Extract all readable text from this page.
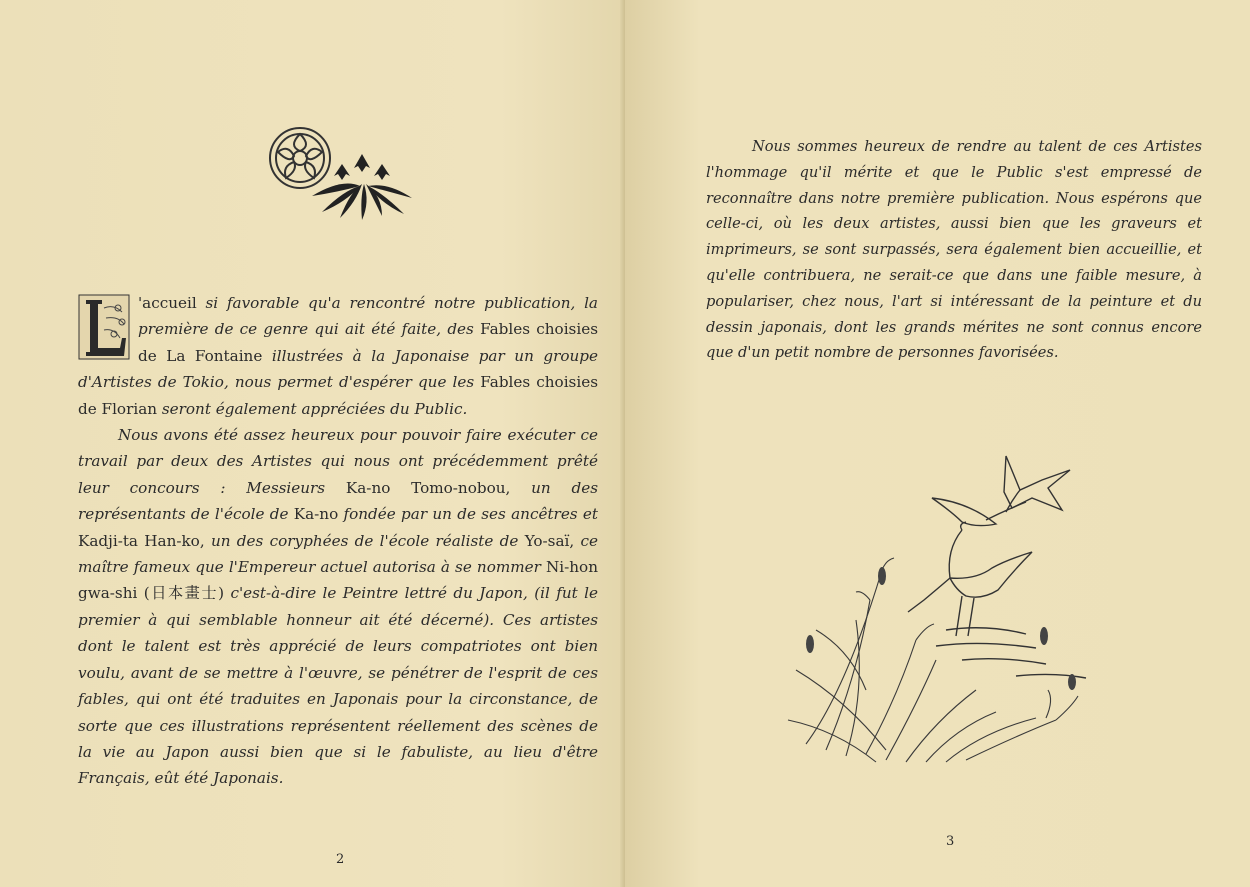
'accueil si favorable qu'a rencontré notre publication, la première de ce genre qui ait été faite, des Fables choisies de La Fontaine illustrées à la Japonaise par un groupe d'Artistes de Tokio, nous permet d'espérer que les Fables choisies de Florian seront également appréciées du Public.

Nous avons été assez heureux pour pouvoir faire exécuter ce travail par deux des Artistes qui nous ont précédemment prêté leur concours : Messieurs Ka-no Tomo-nobou, un des représentants de l'école de Ka-no fondée par un de ses ancêtres et Kadji-ta Han-ko, un des coryphées de l'école réaliste de Yo-saï, ce maître fameux que l'Empereur actuel autorisa à se nommer Ni-hon gwa-shi (日本畫士) c'est-à-dire le Peintre lettré du Japon, (il fut le premier à qui semblable honneur ait été décerné). Ces artistes dont le talent est très apprécié de leurs compatriotes ont bien voulu, avant de se mettre à l'œuvre, se pénétrer de l'esprit de ces fables, qui ont été traduites en Japonais pour la circonstance, de sorte que ces illustrations représentent réellement des scènes de la vie au Japon aussi bien que si le fabuliste, au lieu d'être Français, eût été Japonais.

2
Nous sommes heureux de rendre au talent de ces Artistes l'hommage qu'il mérite et que le Public s'est empressé de reconnaître dans notre première publication. Nous espérons que celle-ci, où les deux artistes, aussi bien que les graveurs et imprimeurs, se sont surpassés, sera également bien accueillie, et qu'elle contribuera, ne serait-ce que dans une faible mesure, à populariser, chez nous, l'art si intéressant de la peinture et du dessin japonais, dont les grands mérites ne sont connus encore que d'un petit nombre de personnes favorisées.
3
